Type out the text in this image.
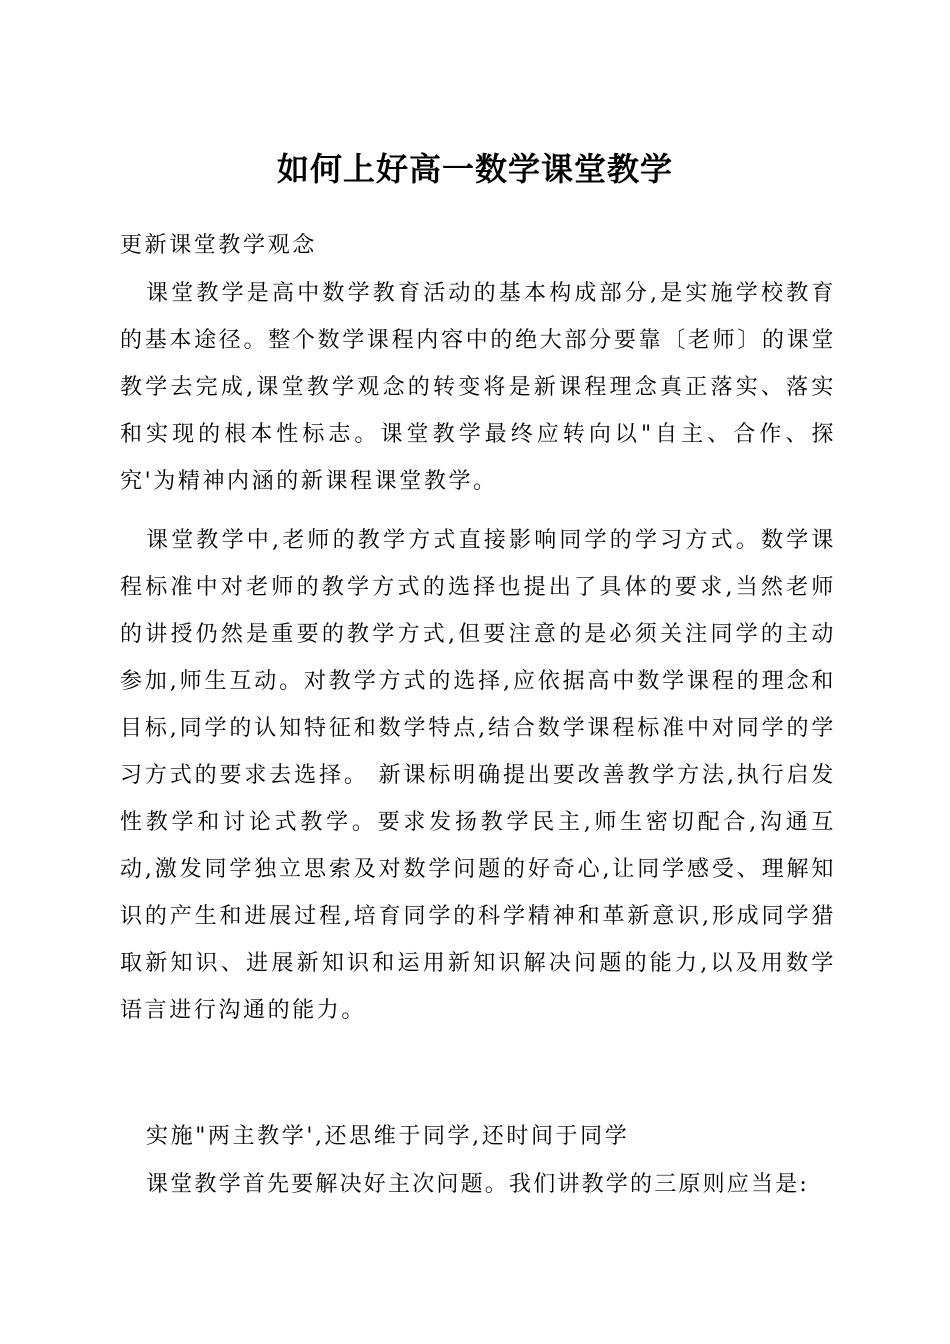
如何上好高一数学课堂教学

更新课堂教学观念

课堂教学是高中数学教育活动的基本构成部分,是实施学校教育的基本途径。整个数学课程内容中的绝大部分要靠〔老师〕的课堂教学去完成,课堂教学观念的转变将是新课程理念真正落实、落实和实现的根本性标志。课堂教学最终应转向以"自主、合作、探究'为精神内涵的新课程课堂教学。

课堂教学中,老师的教学方式直接影响同学的学习方式。数学课程标准中对老师的教学方式的选择也提出了具体的要求,当然老师的讲授仍然是重要的教学方式,但要注意的是必须关注同学的主动参加,师生互动。对教学方式的选择,应依据高中数学课程的理念和目标,同学的认知特征和数学特点,结合数学课程标准中对同学的学习方式的要求去选择。 新课标明确提出要改善教学方法,执行启发性教学和讨论式教学。要求发扬教学民主,师生密切配合,沟通互动,激发同学独立思索及对数学问题的好奇心,让同学感受、理解知识的产生和进展过程,培育同学的科学精神和革新意识,形成同学猎取新知识、进展新知识和运用新知识解决问题的能力,以及用数学语言进行沟通的能力。

实施"两主教学',还思维于同学,还时间于同学

课堂教学首先要解决好主次问题。我们讲教学的三原则应当是:
